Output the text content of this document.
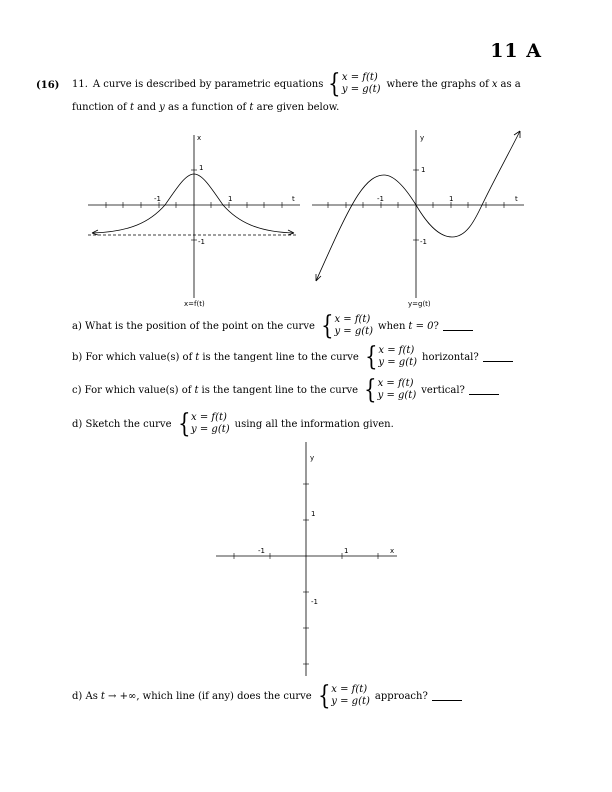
11 A
(16) 11. A curve is described by parametric equations { x = f(t)
y = g(t) where the graphs of x as a
function of t and y as a function of t are given below.
x
t
-1	1
1
-1
x=f(t)
y
t
-1	1
1
-1
y=g(t)
a) What is the position of the point on the curve { x = f(t)
y = g(t) when t = 0 ?
b) For which value(s) of t is the tangent line to the curve { x = f(t)
y = g(t) horizontal?
c) For which value(s) of t is the tangent line to the curve { x = f(t)
y = g(t) vertical?
d) Sketch the curve { x = f(t)
y = g(t) using all the information given.
y
x
-1	1
1
-1
d) As t → +∞ , which line (if any) does the curve { x = f(t)
y = g(t) approach?
